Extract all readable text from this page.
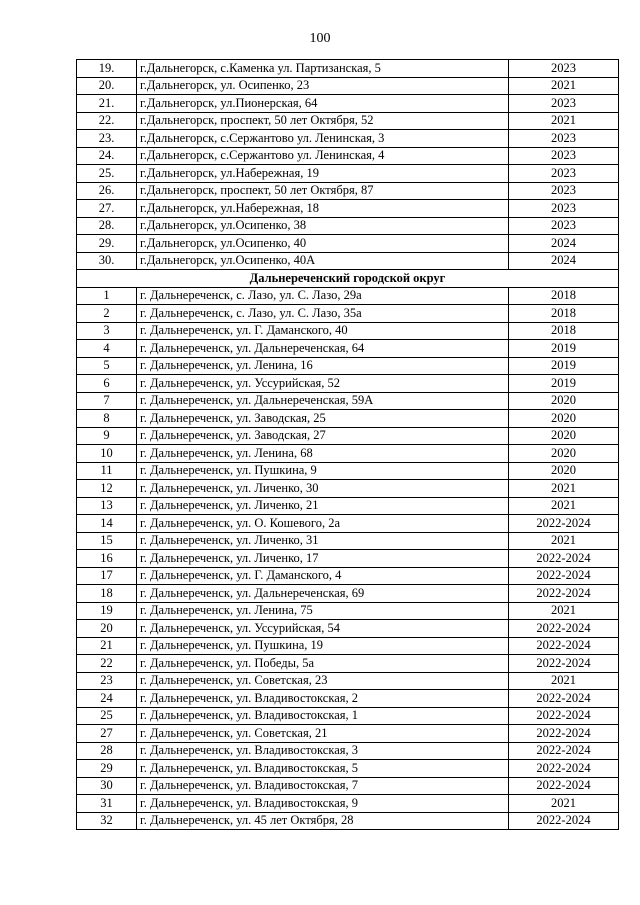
100
19.	г.Дальнегорск, с.Каменка ул. Партизанская, 5	2023
20.	г.Дальнегорск, ул. Осипенко, 23	2021
21.	г.Дальнегорск, ул.Пионерская, 64	2023
22.	г.Дальнегорск, проспект, 50 лет Октября, 52	2021
23.	г.Дальнегорск, с.Сержантово ул. Ленинская, 3	2023
24.	г.Дальнегорск, с.Сержантово ул. Ленинская, 4	2023
25.	г.Дальнегорск, ул.Набережная, 19	2023
26.	г.Дальнегорск, проспект, 50 лет Октября, 87	2023
27.	г.Дальнегорск, ул.Набережная, 18	2023
28.	г.Дальнегорск, ул.Осипенко, 38	2023
29.	г.Дальнегорск, ул.Осипенко, 40	2024
30.	г.Дальнегорск, ул.Осипенко, 40А	2024
Дальнереченский городской округ		
1	г. Дальнереченск, с. Лазо, ул. С. Лазо, 29а	2018
2	г. Дальнереченск, с. Лазо, ул. С. Лазо, 35а	2018
3	г. Дальнереченск, ул. Г. Даманского, 40	2018
4	г. Дальнереченск, ул. Дальнереченская, 64	2019
5	г. Дальнереченск, ул. Ленина, 16	2019
6	г. Дальнереченск, ул. Уссурийская, 52	2019
7	г. Дальнереченск, ул. Дальнереченская, 59А	2020
8	г. Дальнереченск, ул. Заводская, 25	2020
9	г. Дальнереченск, ул. Заводская, 27	2020
10	г. Дальнереченск, ул. Ленина, 68	2020
11	г. Дальнереченск, ул. Пушкина, 9	2020
12	г. Дальнереченск, ул. Личенко, 30	2021
13	г. Дальнереченск, ул. Личенко, 21	2021
14	г. Дальнереченск, ул. О. Кошевого, 2а	2022-2024
15	г. Дальнереченск, ул. Личенко, 31	2021
16	г. Дальнереченск, ул. Личенко, 17	2022-2024
17	г. Дальнереченск, ул. Г. Даманского, 4	2022-2024
18	г. Дальнереченск, ул. Дальнереченская, 69	2022-2024
19	г. Дальнереченск, ул. Ленина, 75	2021
20	г. Дальнереченск, ул. Уссурийская, 54	2022-2024
21	г. Дальнереченск, ул. Пушкина, 19	2022-2024
22	г. Дальнереченск, ул. Победы, 5а	2022-2024
23	г. Дальнереченск, ул. Советская, 23	2021
24	г. Дальнереченск, ул. Владивостокская, 2	2022-2024
25	г. Дальнереченск, ул. Владивостокская, 1	2022-2024
27	г. Дальнереченск, ул. Советская, 21	2022-2024
28	г. Дальнереченск, ул. Владивостокская, 3	2022-2024
29	г. Дальнереченск, ул. Владивостокская, 5	2022-2024
30	г. Дальнереченск, ул. Владивостокская, 7	2022-2024
31	г. Дальнереченск, ул. Владивостокская, 9	2021
32	г. Дальнереченск, ул. 45 лет Октября, 28	2022-2024
